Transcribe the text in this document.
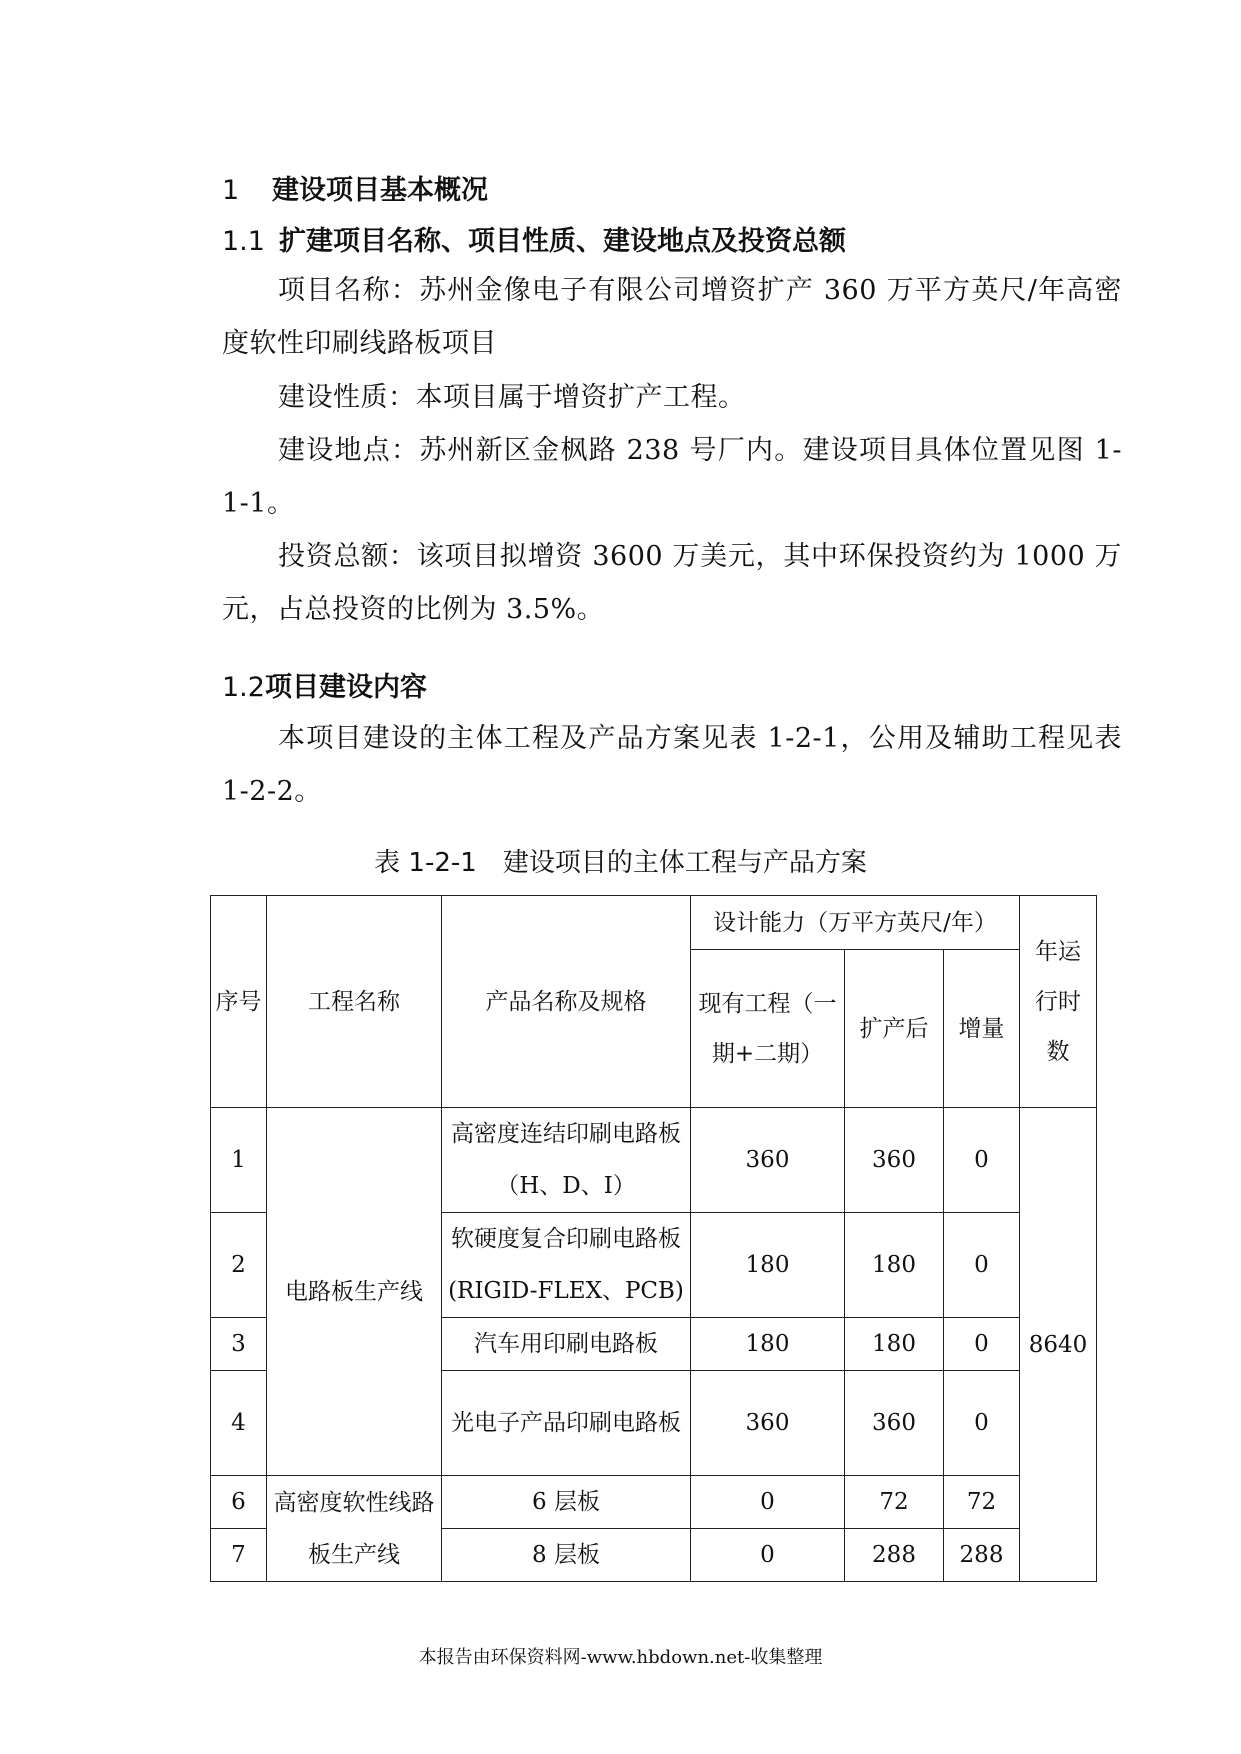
1 建设项目基本概况
1.1 扩建项目名称、项目性质、建设地点及投资总额
项目名称：苏州金像电子有限公司增资扩产 360 万平方英尺/年高密度软性印刷线路板项目
建设性质：本项目属于增资扩产工程。
建设地点：苏州新区金枫路 238 号厂内。建设项目具体位置见图 1-1-1。
投资总额：该项目拟增资 3600 万美元，其中环保投资约为 1000 万元，占总投资的比例为 3.5%。
1.2项目建设内容
本项目建设的主体工程及产品方案见表 1-2-1，公用及辅助工程见表 1-2-2。
表 1-2-1　建设项目的主体工程与产品方案
序号	工程名称	产品名称及规格	设计能力（万平方英尺/年）			年运行时数
			现有工程（一期+二期）	扩产后	增量	
1	电路板生产线	高密度连结印刷电路板（H、D、I）	360	360	0	8640
2		软硬度复合印刷电路板(RIGID-FLEX、PCB)	180	180	0	
3		汽车用印刷电路板	180	180	0	
4		光电子产品印刷电路板	360	360	0	
6	高密度软性线路板生产线	6 层板	0	72	72	
7		8 层板	0	288	288	
本报告由环保资料网-www.hbdown.net-收集整理
